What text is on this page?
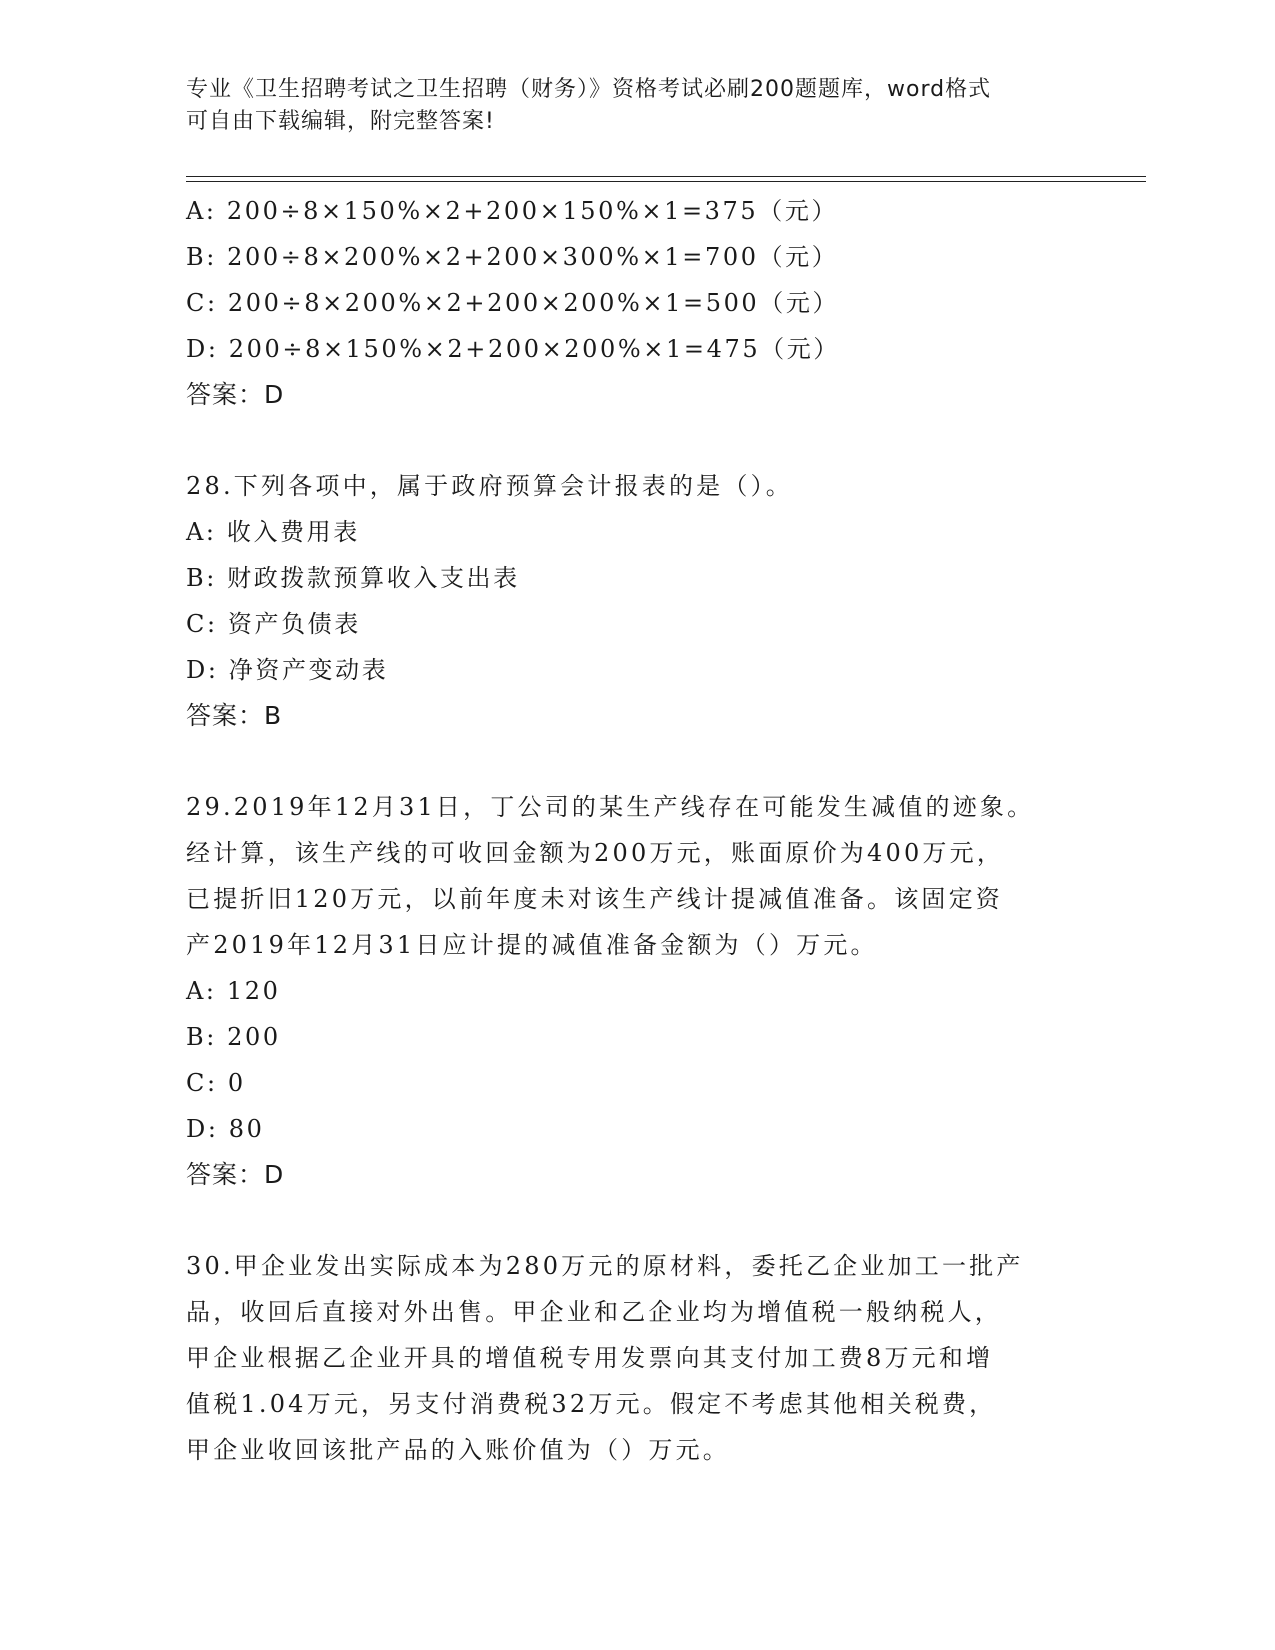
专业《卫生招聘考试之卫生招聘（财务）》资格考试必刷200题题库，word格式
可自由下载编辑，附完整答案!
A: 200÷8×150%×2+200×150%×1=375（元）
B: 200÷8×200%×2+200×300%×1=700（元）
C: 200÷8×200%×2+200×200%×1=500（元）
D: 200÷8×150%×2+200×200%×1=475（元）
答案：D
28.下列各项中，属于政府预算会计报表的是（）。
A: 收入费用表
B: 财政拨款预算收入支出表
C: 资产负债表
D: 净资产变动表
答案：B
29.2019年12月31日，丁公司的某生产线存在可能发生减值的迹象。
经计算，该生产线的可收回金额为200万元，账面原价为400万元，
已提折旧120万元，以前年度未对该生产线计提减值准备。该固定资
产2019年12月31日应计提的减值准备金额为（）万元。
A: 120
B: 200
C: 0
D: 80
答案：D
30.甲企业发出实际成本为280万元的原材料，委托乙企业加工一批产
品，收回后直接对外出售。甲企业和乙企业均为增值税一般纳税人，
甲企业根据乙企业开具的增值税专用发票向其支付加工费8万元和增
值税1.04万元，另支付消费税32万元。假定不考虑其他相关税费，
甲企业收回该批产品的入账价值为（）万元。
